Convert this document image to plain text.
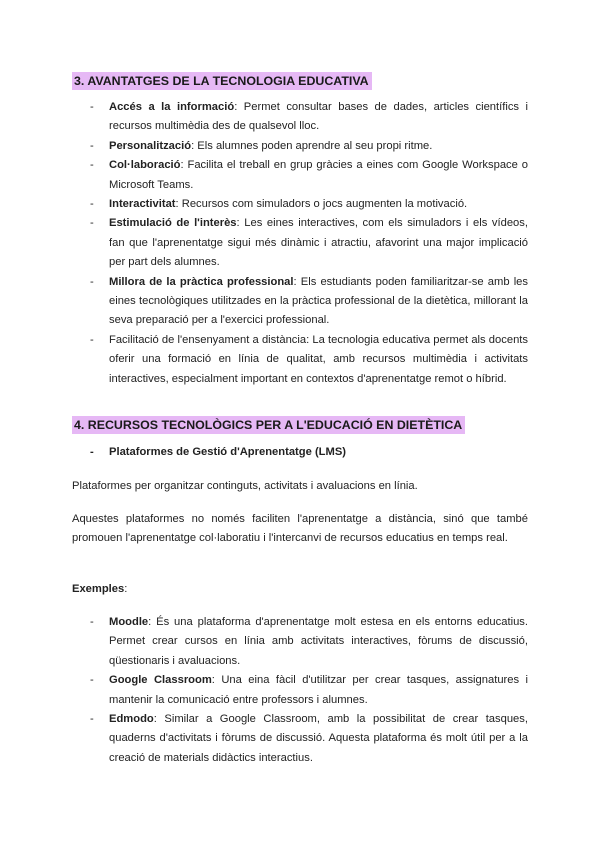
3. AVANTATGES DE LA TECNOLOGIA EDUCATIVA
- Accés a la informació: Permet consultar bases de dades, articles científics i recursos multimèdia des de qualsevol lloc.
- Personalització: Els alumnes poden aprendre al seu propi ritme.
- Col·laboració: Facilita el treball en grup gràcies a eines com Google Workspace o Microsoft Teams.
- Interactivitat: Recursos com simuladors o jocs augmenten la motivació.
- Estimulació de l'interès: Les eines interactives, com els simuladors i els vídeos, fan que l'aprenentatge sigui més dinàmic i atractiu, afavorint una major implicació per part dels alumnes.
- Millora de la pràctica professional: Els estudiants poden familiaritzar-se amb les eines tecnològiques utilitzades en la pràctica professional de la dietètica, millorant la seva preparació per a l'exercici professional.
- Facilitació de l'ensenyament a distància: La tecnologia educativa permet als docents oferir una formació en línia de qualitat, amb recursos multimèdia i activitats interactives, especialment important en contextos d'aprenentatge remot o híbrid.
4. RECURSOS TECNOLÒGICS PER A L'EDUCACIÓ EN DIETÈTICA
- Plataformes de Gestió d'Aprenentatge (LMS)

Plataformes per organitzar continguts, activitats i avaluacions en línia.

Aquestes plataformes no només faciliten l'aprenentatge a distància, sinó que també promouen l'aprenentatge col·laboratiu i l'intercanvi de recursos educatius en temps real.

Exemples:
- Moodle: És una plataforma d'aprenentatge molt estesa en els entorns educatius. Permet crear cursos en línia amb activitats interactives, fòrums de discussió, qüestionaris i avaluacions.
- Google Classroom: Una eina fàcil d'utilitzar per crear tasques, assignatures i mantenir la comunicació entre professors i alumnes.
- Edmodo: Similar a Google Classroom, amb la possibilitat de crear tasques, quaderns d'activitats i fòrums de discussió. Aquesta plataforma és molt útil per a la creació de materials didàctics interactius.
